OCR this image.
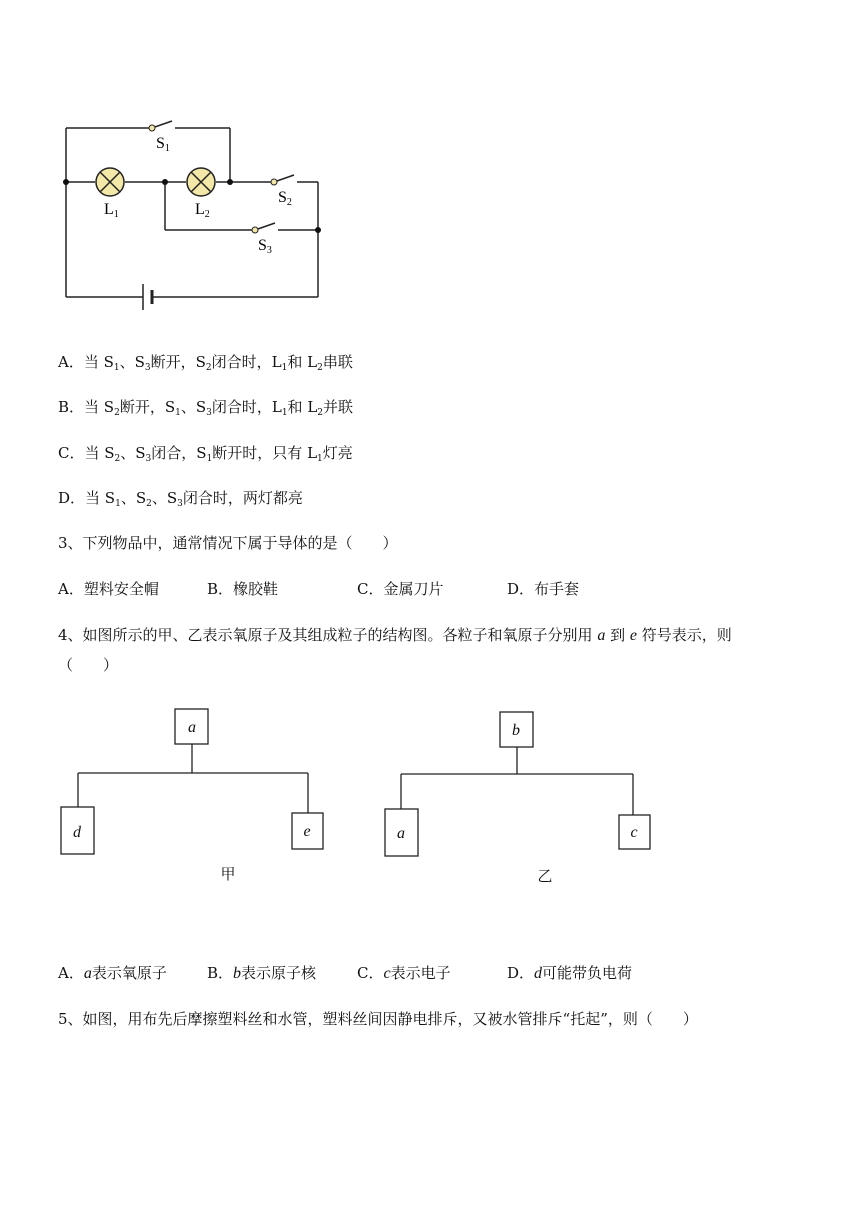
S1
S2
S3
L1	L2
A．当 $S_1$、$S_3$断开，$S_2$闭合时，$L_1$和 $L_2$串联
B．当 $S_2$断开，$S_1$、$S_3$闭合时，$L_1$和 $L_2$并联
C．当 $S_2$、$S_3$闭合，$S_1$断开时，只有 $L_1$灯亮
D．当 $S_1$、$S_2$、$S_3$闭合时，两灯都亮
3、下列物品中，通常情况下属于导体的是（　　）
A．塑料安全帽	B．橡胶鞋	C．金属刀片	D．布手套
4、如图所示的甲、乙表示氧原子及其组成粒子的结构图。各粒子和氧原子分别用 a 到 e 符号表示，则
（　　）
a
d	e
b
a	c
甲	乙
A．a表示氧原子	B．b表示原子核	C．c表示电子	D．d可能带负电荷
5、如图，用布先后摩擦塑料丝和水管，塑料丝间因静电排斥，又被水管排斥“托起”，则（　　）
